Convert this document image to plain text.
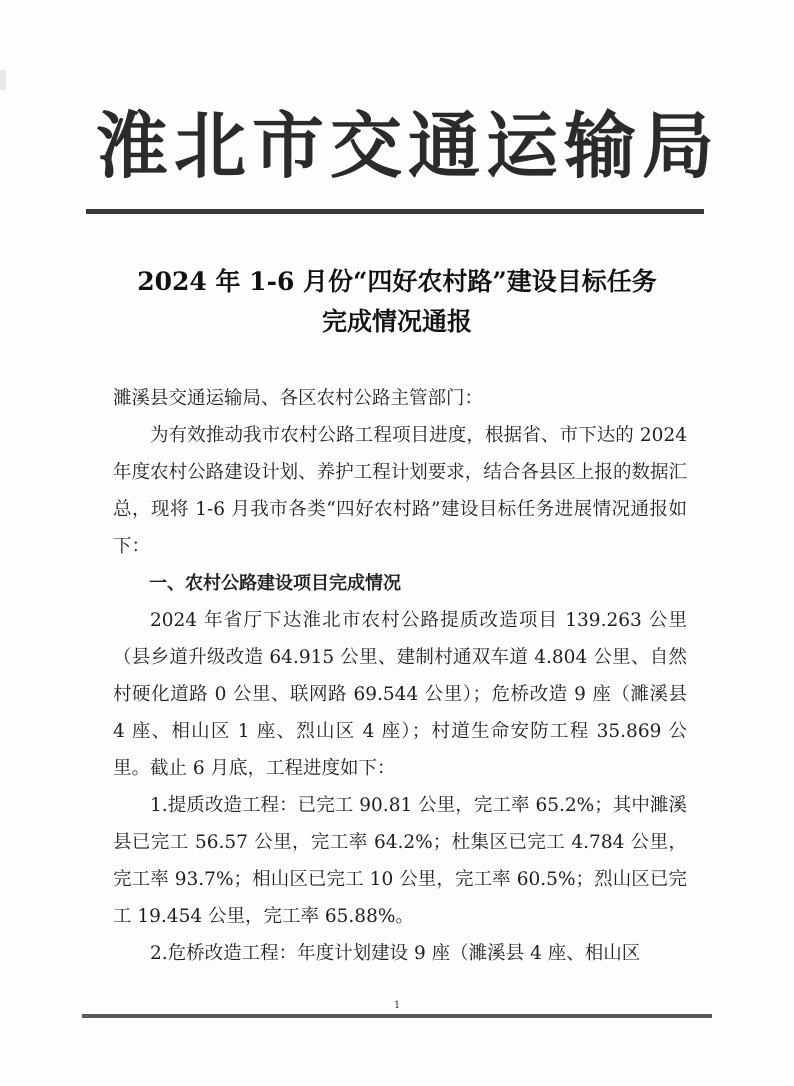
淮北市交通运输局
2024 年 1-6 月份“四好农村路”建设目标任务
完成情况通报

濉溪县交通运输局、各区农村公路主管部门：

为有效推动我市农村公路工程项目进度，根据省、市下达的 2024 年度农村公路建设计划、养护工程计划要求，结合各县区上报的数据汇总，现将 1-6 月我市各类“四好农村路”建设目标任务进展情况通报如下：

一、农村公路建设项目完成情况

2024 年省厅下达淮北市农村公路提质改造项目 139.263 公里（县乡道升级改造 64.915 公里、建制村通双车道 4.804 公里、自然村硬化道路 0 公里、联网路 69.544 公里）；危桥改造 9 座（濉溪县 4 座、相山区 1 座、烈山区 4 座）；村道生命安防工程 35.869 公里。截止 6 月底，工程进度如下：

1.提质改造工程：已完工 90.81 公里，完工率 65.2%；其中濉溪县已完工 56.57 公里，完工率 64.2%；杜集区已完工 4.784 公里，完工率 93.7%；相山区已完工 10 公里，完工率 60.5%；烈山区已完工 19.454 公里，完工率 65.88%。

2.危桥改造工程：年度计划建设 9 座（濉溪县 4 座、相山区

1
